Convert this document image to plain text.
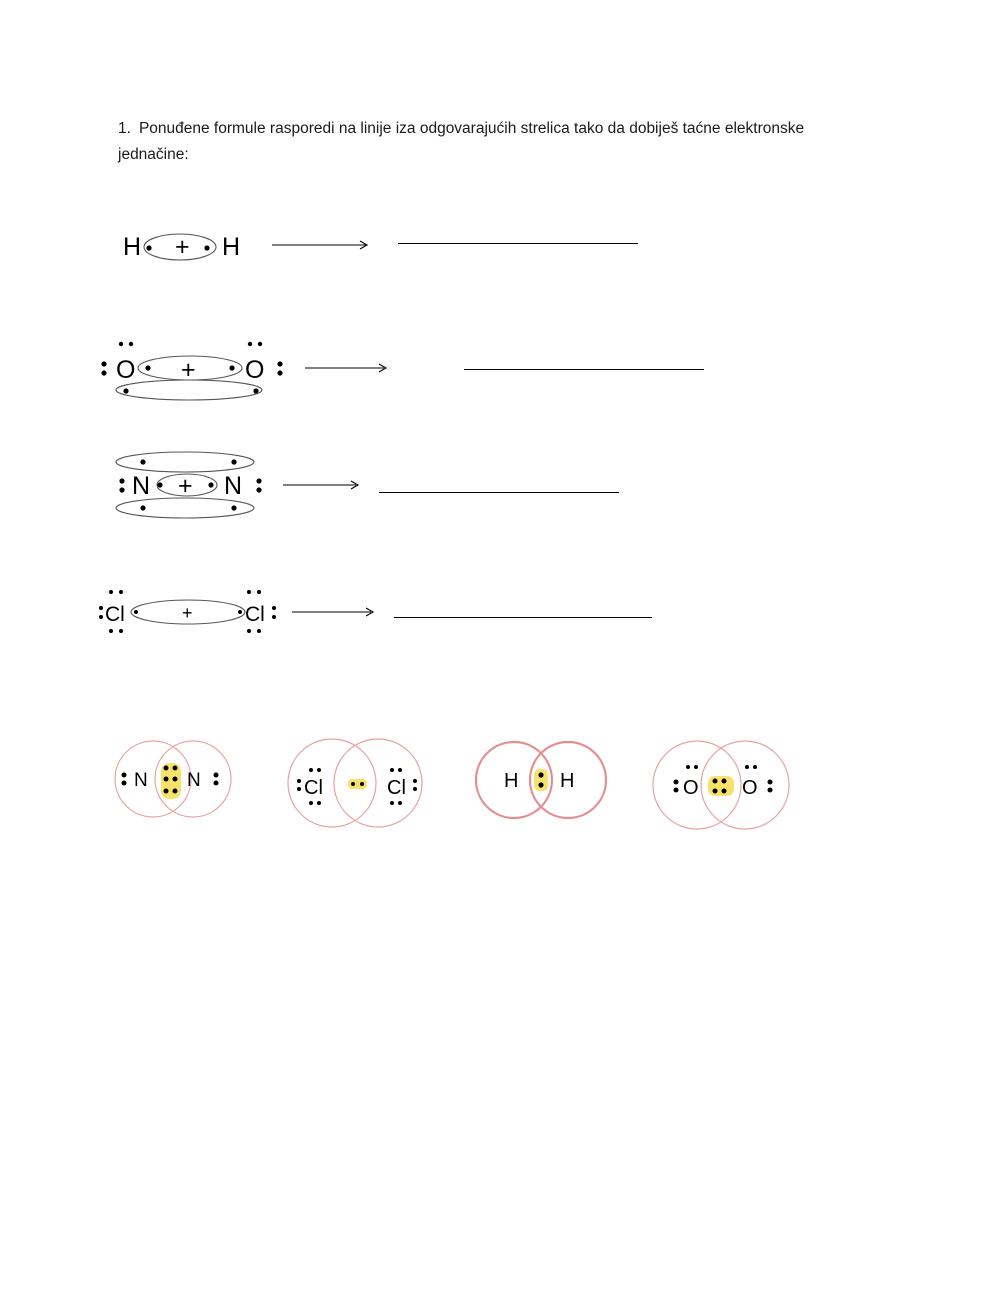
1. Ponuđene formule rasporedi na linije iza odgovarajućih strelica tako da dobiješ taćne elektronske jednačine:
H + H
O + O
N + N
Cl	+ Cl
N N	Cl	Cl	H H	O O
